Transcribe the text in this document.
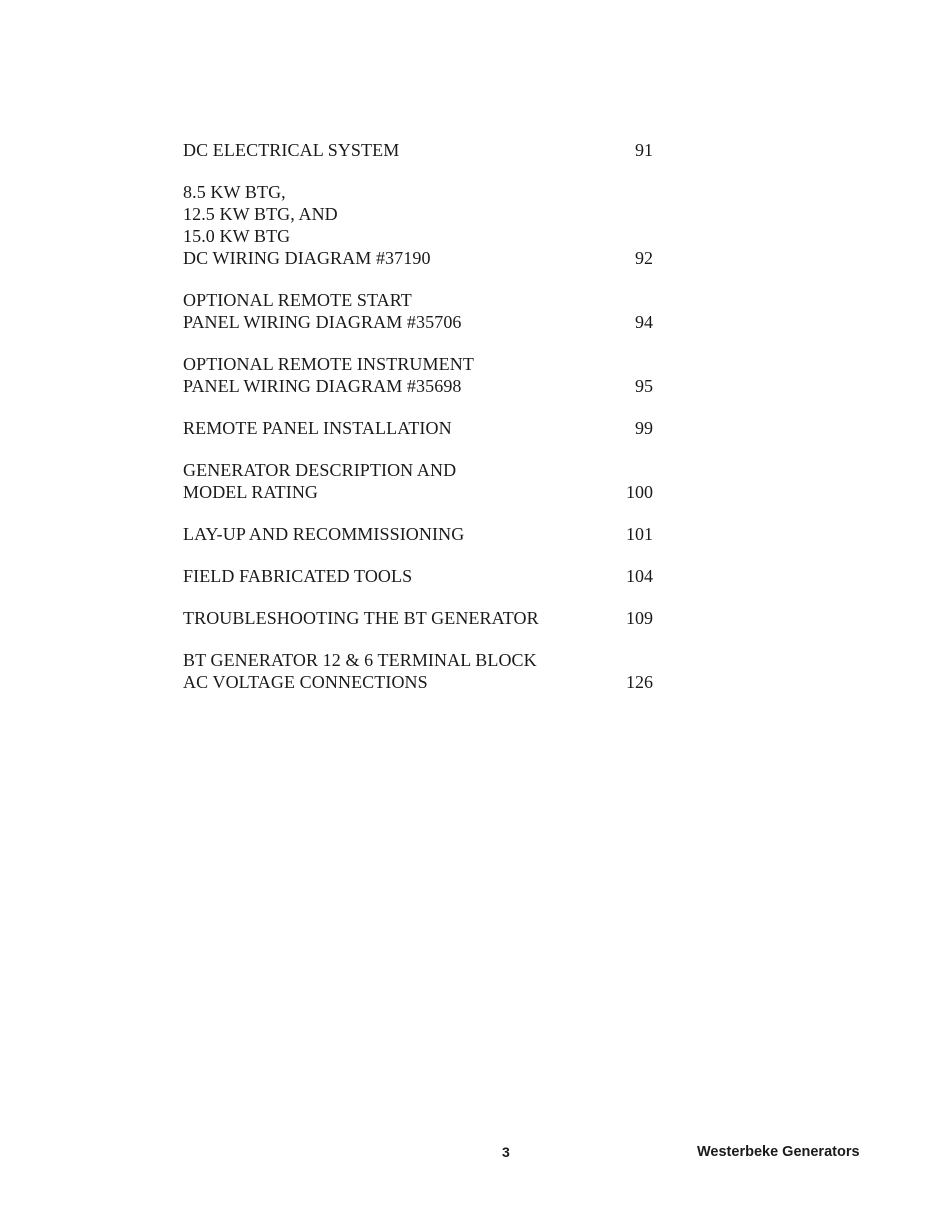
DC ELECTRICAL SYSTEM	91
8.5 KW BTG,
12.5 KW BTG, AND
15.0 KW BTG
DC WIRING DIAGRAM #37190	92
OPTIONAL REMOTE START
PANEL WIRING DIAGRAM #35706	94
OPTIONAL REMOTE INSTRUMENT
PANEL WIRING DIAGRAM #35698	95
REMOTE PANEL INSTALLATION	99
GENERATOR DESCRIPTION AND
MODEL RATING	100
LAY-UP AND RECOMMISSIONING	101
FIELD FABRICATED TOOLS	104
TROUBLESHOOTING THE BT GENERATOR	109
BT GENERATOR 12 & 6 TERMINAL BLOCK
AC VOLTAGE CONNECTIONS	126
3	Westerbeke Generators
